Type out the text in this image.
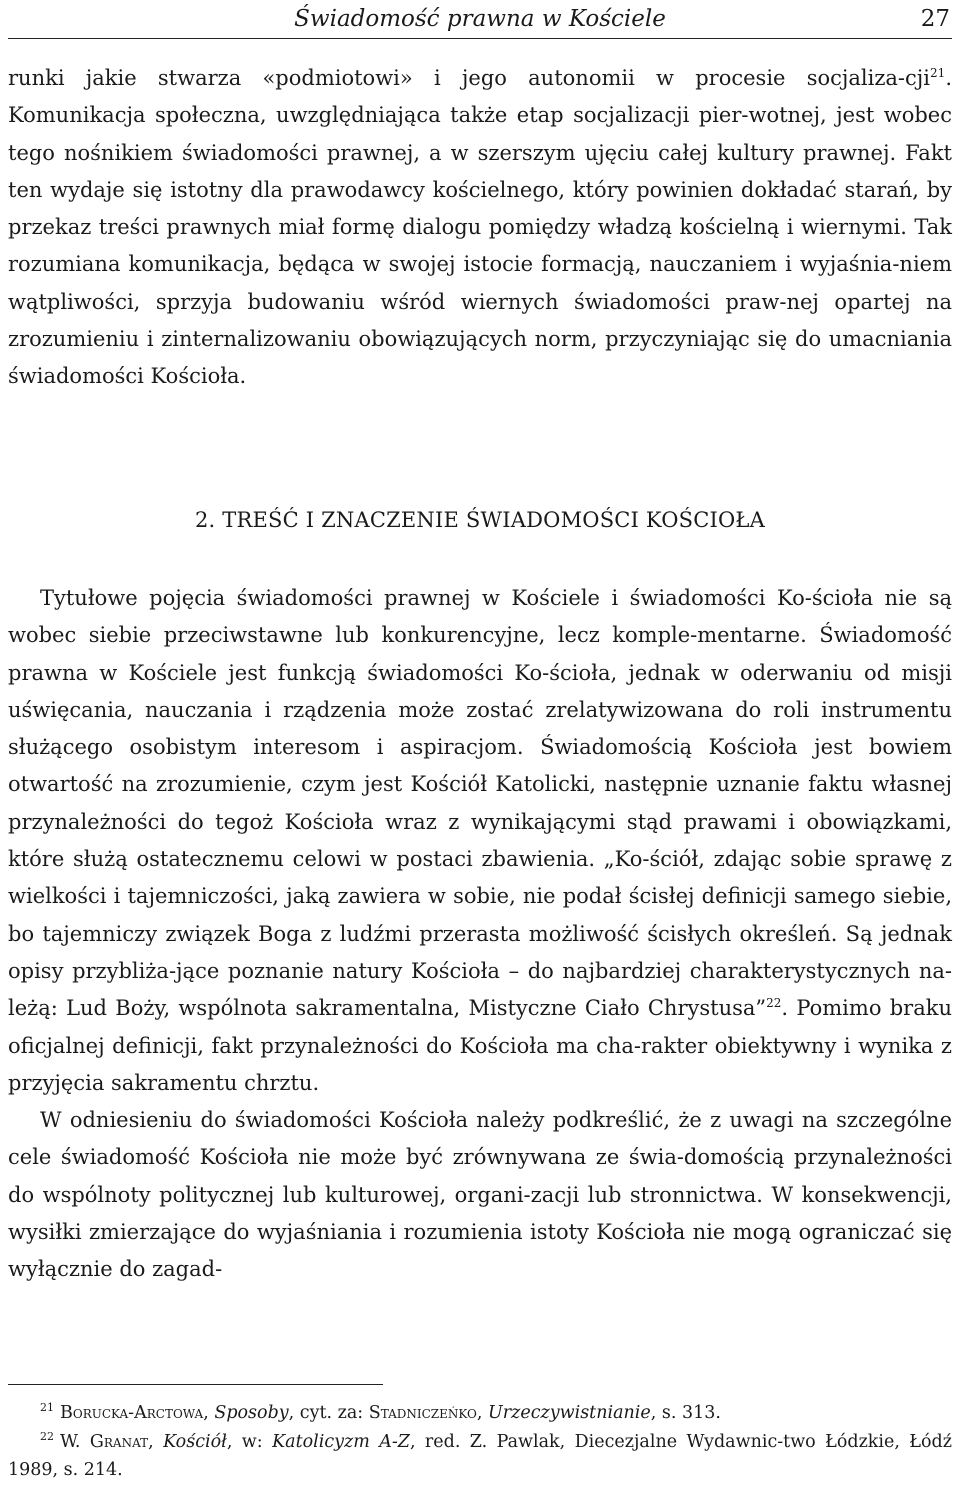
Świadomość prawna w Kościele	27

runki jakie stwarza «podmiotowi» i jego autonomii w procesie socjaliza-cji$^{21}$. Komunikacja społeczna, uwzględniająca także etap socjalizacji pier-wotnej, jest wobec tego nośnikiem świadomości prawnej, a w szerszym ujęciu całej kultury prawnej. Fakt ten wydaje się istotny dla prawodawcy kościelnego, który powinien dokładać starań, by przekaz treści prawnych miał formę dialogu pomiędzy władzą kościelną i wiernymi. Tak rozumiana komunikacja, będąca w swojej istocie formacją, nauczaniem i wyjaśnia-niem wątpliwości, sprzyja budowaniu wśród wiernych świadomości praw-nej opartej na zrozumieniu i zinternalizowaniu obowiązujących norm, przyczyniając się do umacniania świadomości Kościoła.

2. TREŚĆ I ZNACZENIE ŚWIADOMOŚCI KOŚCIOŁA

Tytułowe pojęcia świadomości prawnej w Kościele i świadomości Ko-ścioła nie są wobec siebie przeciwstawne lub konkurencyjne, lecz komple-mentarne. Świadomość prawna w Kościele jest funkcją świadomości Ko-ścioła, jednak w oderwaniu od misji uświęcania, nauczania i rządzenia może zostać zrelatywizowana do roli instrumentu służącego osobistym interesom i aspiracjom. Świadomością Kościoła jest bowiem otwartość na zrozumienie, czym jest Kościół Katolicki, następnie uznanie faktu własnej przynależności do tegoż Kościoła wraz z wynikającymi stąd prawami i obowiązkami, które służą ostatecznemu celowi w postaci zbawienia. „Ko-ściół, zdając sobie sprawę z wielkości i tajemniczości, jaką zawiera w sobie, nie podał ścisłej definicji samego siebie, bo tajemniczy związek Boga z ludźmi przerasta możliwość ścisłych określeń. Są jednak opisy przybliża-jące poznanie natury Kościoła – do najbardziej charakterystycznych na-leżą: Lud Boży, wspólnota sakramentalna, Mistyczne Ciało Chrystusa”$^{22}$. Pomimo braku oficjalnej definicji, fakt przynależności do Kościoła ma cha-rakter obiektywny i wynika z przyjęcia sakramentu chrztu.

W odniesieniu do świadomości Kościoła należy podkreślić, że z uwagi na szczególne cele świadomość Kościoła nie może być zrównywana ze świa-domością przynależności do wspólnoty politycznej lub kulturowej, organi-zacji lub stronnictwa. W konsekwencji, wysiłki zmierzające do wyjaśniania i rozumienia istoty Kościoła nie mogą ograniczać się wyłącznie do zagad-

$^{21}$ Borucka-Arctowa, Sposoby, cyt. za: Stadniczeńko, Urzeczywistnianie, s. 313.

$^{22}$ W. Granat, Kościół, w: Katolicyzm A-Z, red. Z. Pawlak, Diecezjalne Wydawnic-two Łódzkie, Łódź 1989, s. 214.
